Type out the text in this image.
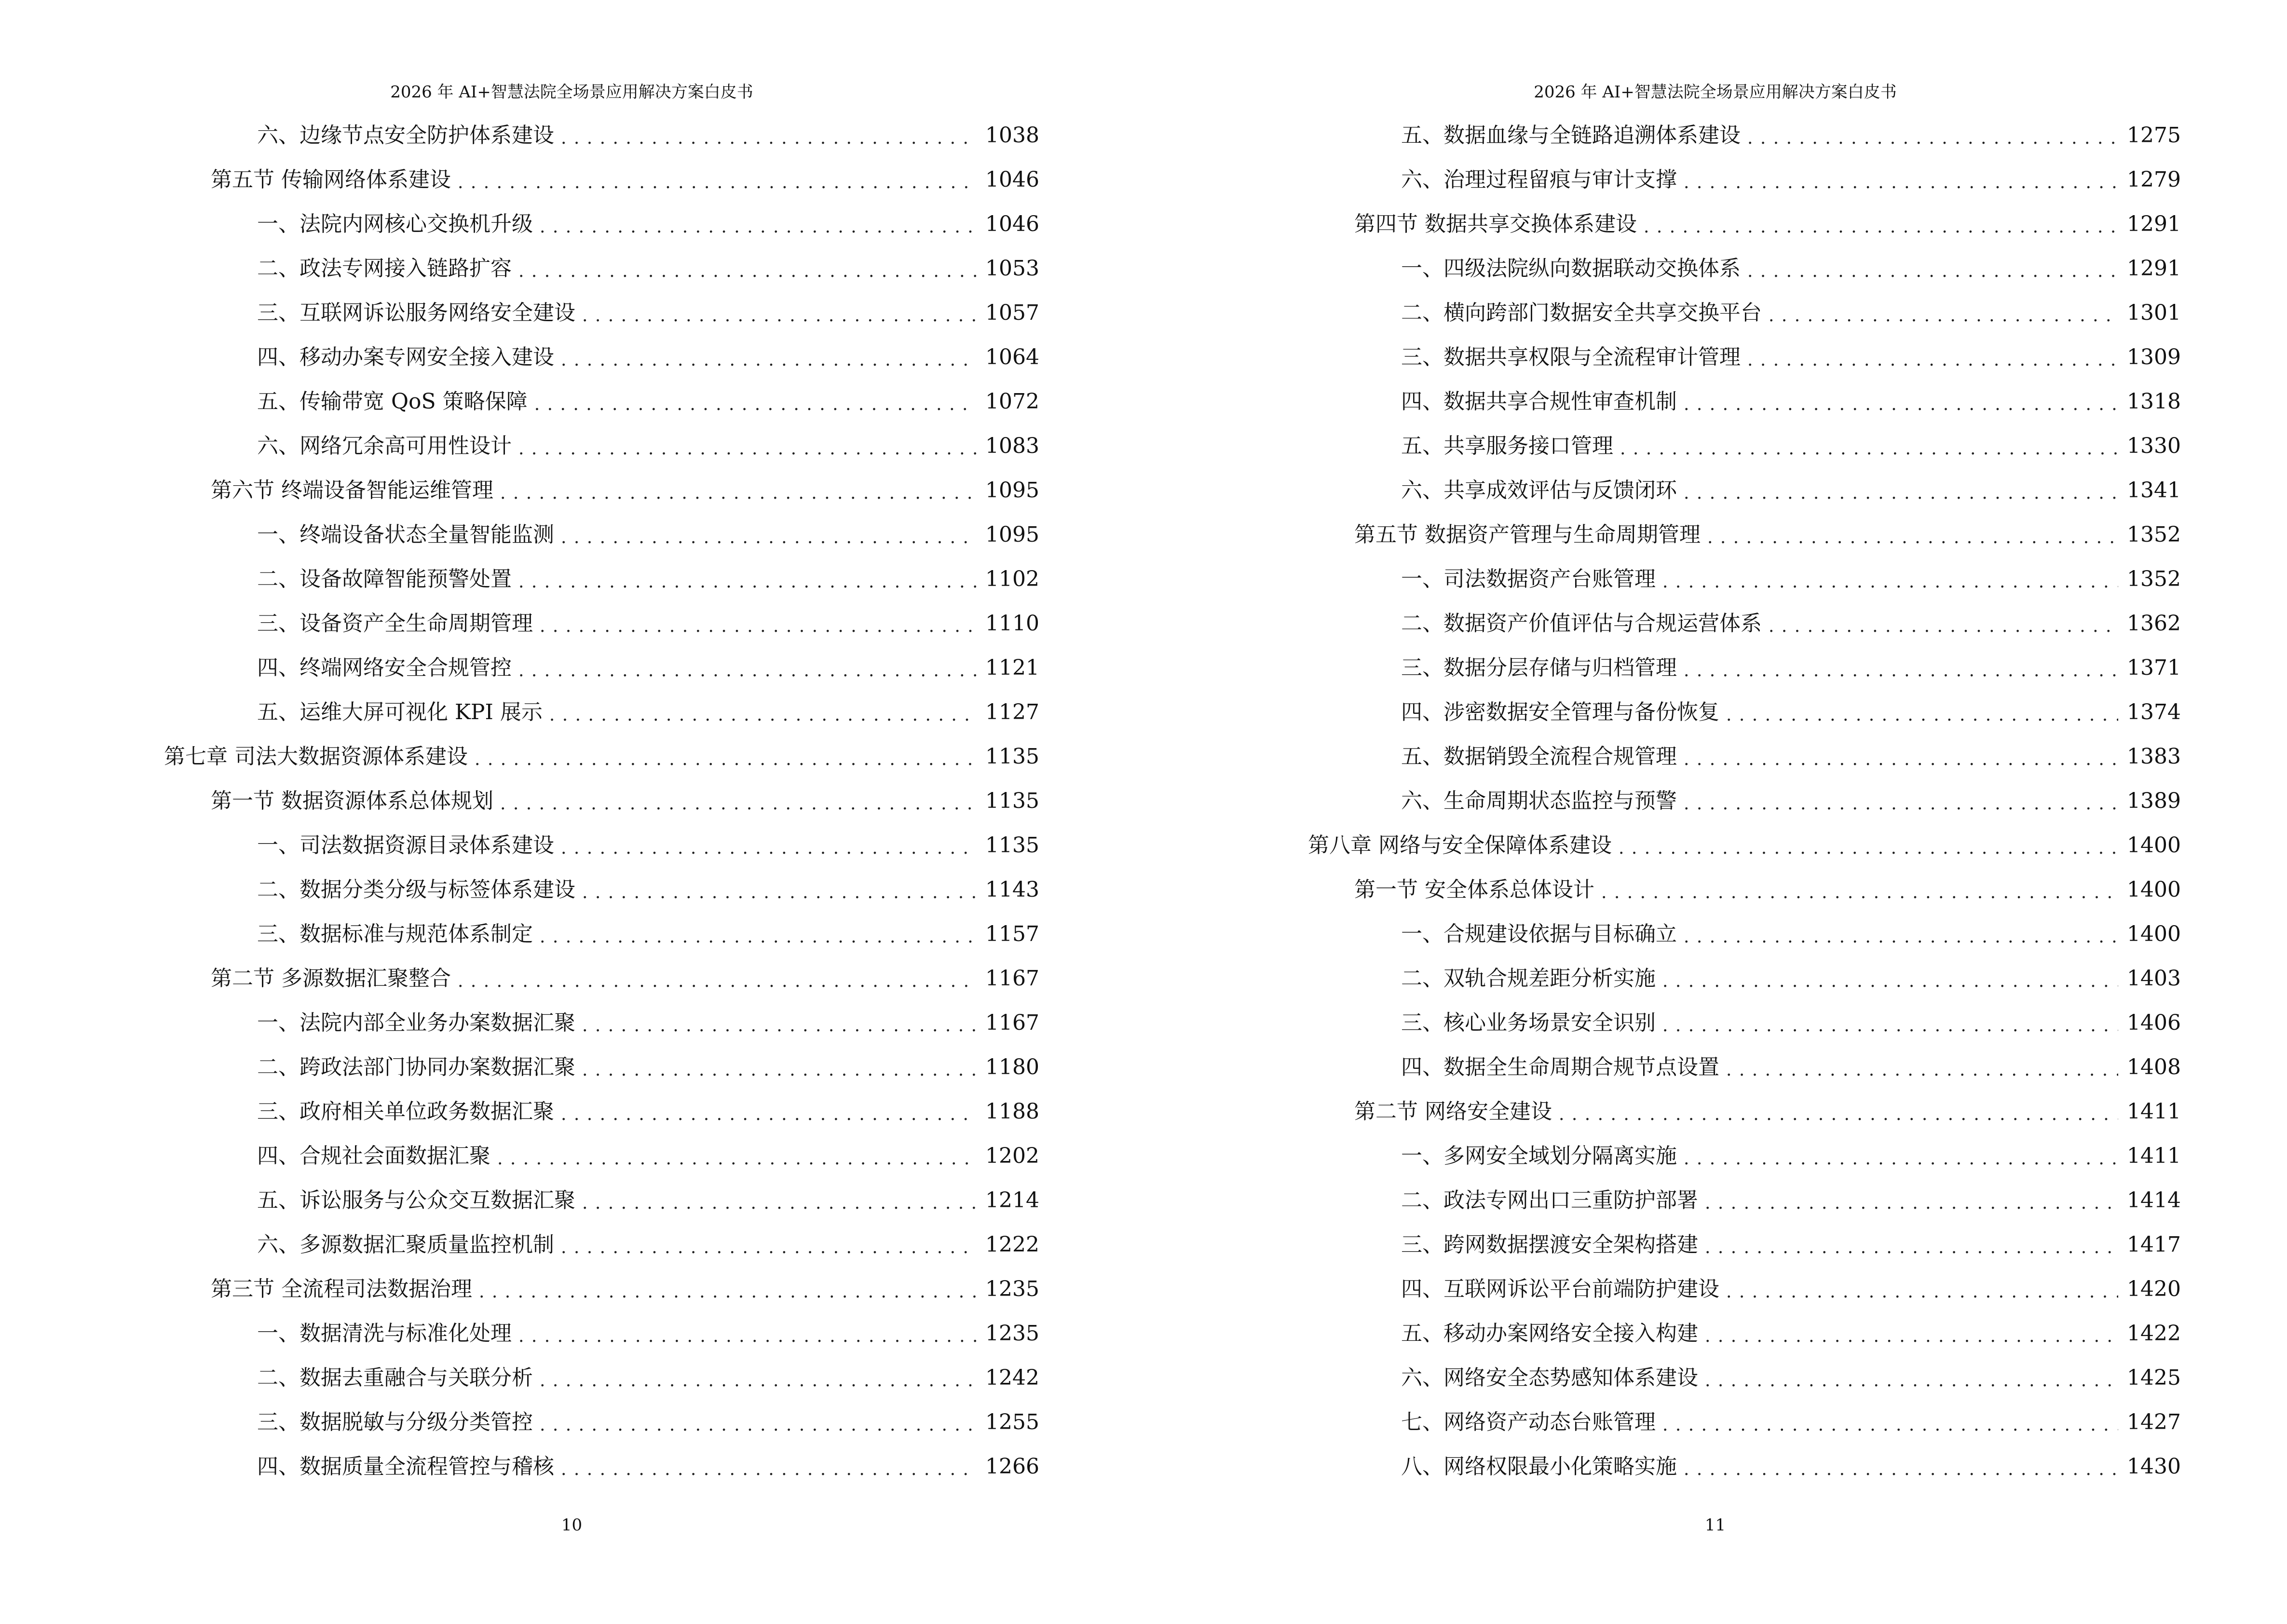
2026 年 AI+智慧法院全场景应用解决方案白皮书
六、边缘节点安全防护体系建设 . . .	1038
第五节 传输网络体系建设 . . .	1046
一、法院内网核心交换机升级 . . .	1046
二、政法专网接入链路扩容 . . .	1053
三、互联网诉讼服务网络安全建设 . . .	1057
四、移动办案专网安全接入建设 . . .	1064
五、传输带宽 QoS 策略保障 . . .	1072
六、网络冗余高可用性设计 . . .	1083
第六节 终端设备智能运维管理 . . .	1095
一、终端设备状态全量智能监测 . . .	1095
二、设备故障智能预警处置 . . .	1102
三、设备资产全生命周期管理 . . .	1110
四、终端网络安全合规管控 . . .	1121
五、运维大屏可视化 KPI 展示 . . .	1127
第七章 司法大数据资源体系建设 . . .	1135
第一节 数据资源体系总体规划 . . .	1135
一、司法数据资源目录体系建设 . . .	1135
二、数据分类分级与标签体系建设 . . .	1143
三、数据标准与规范体系制定 . . .	1157
第二节 多源数据汇聚整合 . . .	1167
一、法院内部全业务办案数据汇聚 . . .	1167
二、跨政法部门协同办案数据汇聚 . . .	1180
三、政府相关单位政务数据汇聚 . . .	1188
四、合规社会面数据汇聚 . . .	1202
五、诉讼服务与公众交互数据汇聚 . . .	1214
六、多源数据汇聚质量监控机制 . . .	1222
第三节 全流程司法数据治理 . . .	1235
一、数据清洗与标准化处理 . . .	1235
二、数据去重融合与关联分析 . . .	1242
三、数据脱敏与分级分类管控 . . .	1255
四、数据质量全流程管控与稽核 . . .	1266
10
2026 年 AI+智慧法院全场景应用解决方案白皮书
五、数据血缘与全链路追溯体系建设 . . .	1275
六、治理过程留痕与审计支撑 . . .	1279
第四节 数据共享交换体系建设 . . .	1291
一、四级法院纵向数据联动交换体系 . . .	1291
二、横向跨部门数据安全共享交换平台 . . .	1301
三、数据共享权限与全流程审计管理 . . .	1309
四、数据共享合规性审查机制 . . .	1318
五、共享服务接口管理 . . .	1330
六、共享成效评估与反馈闭环 . . .	1341
第五节 数据资产管理与生命周期管理 . . .	1352
一、司法数据资产台账管理 . . .	1352
二、数据资产价值评估与合规运营体系 . . .	1362
三、数据分层存储与归档管理 . . .	1371
四、涉密数据安全管理与备份恢复 . . .	1374
五、数据销毁全流程合规管理 . . .	1383
六、生命周期状态监控与预警 . . .	1389
第八章 网络与安全保障体系建设 . . .	1400
第一节 安全体系总体设计 . . .	1400
一、合规建设依据与目标确立 . . .	1400
二、双轨合规差距分析实施 . . .	1403
三、核心业务场景安全识别 . . .	1406
四、数据全生命周期合规节点设置 . . .	1408
第二节 网络安全建设 . . .	1411
一、多网安全域划分隔离实施 . . .	1411
二、政法专网出口三重防护部署 . . .	1414
三、跨网数据摆渡安全架构搭建 . . .	1417
四、互联网诉讼平台前端防护建设 . . .	1420
五、移动办案网络安全接入构建 . . .	1422
六、网络安全态势感知体系建设 . . .	1425
七、网络资产动态台账管理 . . .	1427
八、网络权限最小化策略实施 . . .	1430
11
